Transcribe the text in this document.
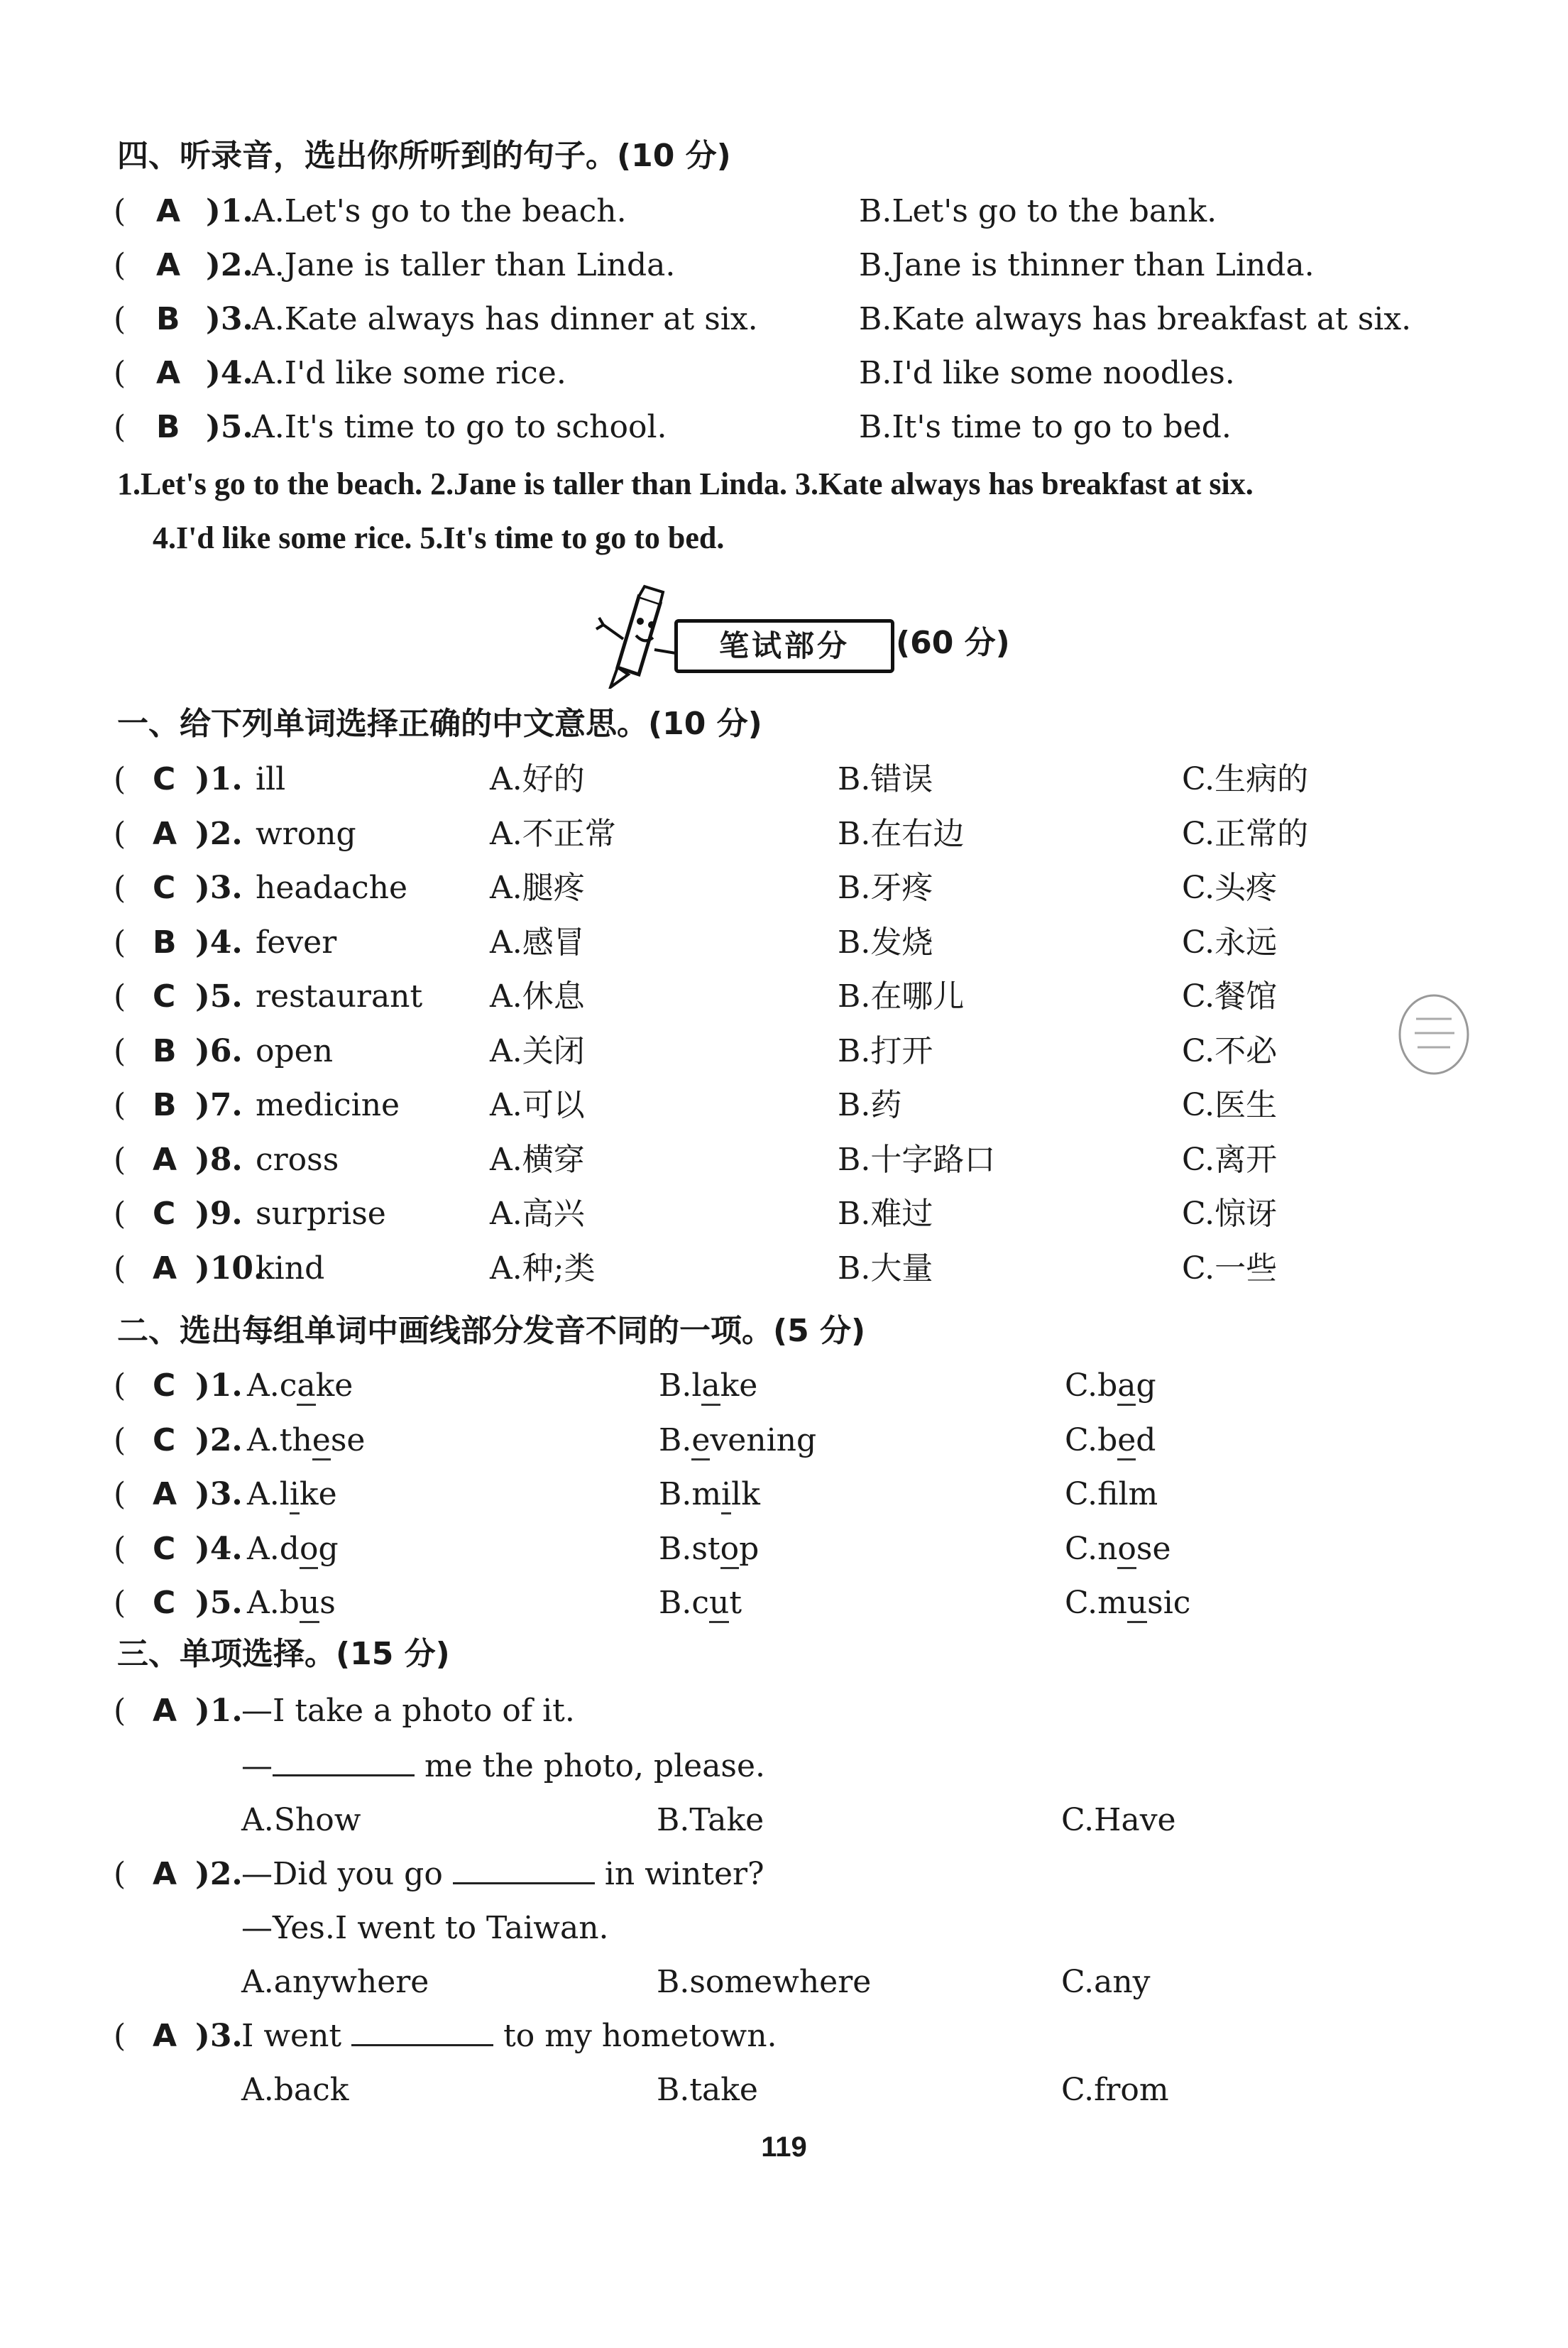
四、听录音，选出你所听到的句子。(10 分)
( A )1.
A.Let's go to the beach.	B.Let's go to the bank.
( A )2.
A.Jane is taller than Linda.	B.Jane is thinner than Linda.
( B )3.
A.Kate always has dinner at six.	B.Kate always has breakfast at six.
( A )4.
A.I'd like some rice.	B.I'd like some noodles.
( B )5.
A.It's time to go to school.	B.It's time to go to bed.
1.Let's go to the beach. 2.Jane is taller than Linda. 3.Kate always has breakfast at six.
4.I'd like some rice. 5.It's time to go to bed.
笔试部分	(60 分)
一、给下列单词选择正确的中文意思。(10 分)
( C )1. ill	A.好的	B.错误	C.生病的
( A )2. wrong	A.不正常	B.在右边	C.正常的
( C )3. headache	A.腿疼	B.牙疼	C.头疼
( B )4. fever	A.感冒	B.发烧	C.永远
( C )5. restaurant A.休息	B.在哪儿	C.餐馆
( B )6. open	A.关闭	B.打开	C.不必
( B )7. medicine	A.可以	B.药	C.医生
( A )8. cross	A.横穿	B.十字路口	C.离开
( C )9. surprise	A.高兴	B.难过	C.惊讶
( A )10.
kind	A.种;类	B.大量	C.一些
二、选出每组单词中画线部分发音不同的一项。(5 分)
( C )1. A.cake	B.lake	C.bag
( C )2. A.these	B.evening	C.bed
( A )3. A.like	B.milk	C.flm
( C )4. A.dog	B.stop	C.nose
( C )5. A.bus	B.cut	C.music
三、单项选择。(15 分)
( A )1.
—I take a photo of it.
—	me the photo, please.
A.Show	B.Take	C.Have
( A )2.
—Did you go	in winter?
—Yes.I went to Taiwan.
A.anywhere	B.somewhere	C.any
( A )3.
I went	to my hometown.
A.back	B.take	C.from
119
